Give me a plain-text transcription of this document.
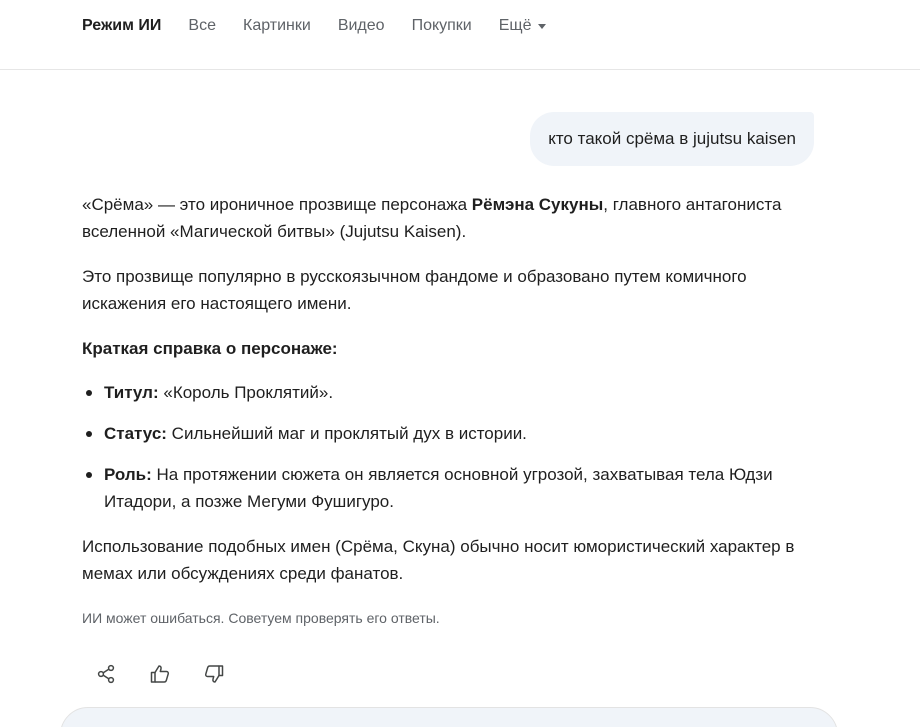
Режим ИИ Все Картинки Видео Покупки Ещё
кто такой срёма в jujutsu kaisen

«Срёма» — это ироничное прозвище персонажа Рёмэна Сукуны, главного антагониста вселенной «Магической битвы» (Jujutsu Kaisen).

Это прозвище популярно в русскоязычном фандоме и образовано путем комичного искажения его настоящего имени.

Краткая справка о персонаже:

Титул: «Король Проклятий».
Статус: Сильнейший маг и проклятый дух в истории.
Роль: На протяжении сюжета он является основной угрозой, захватывая тела Юдзи Итадори, а позже Мегуми Фушигуро.

Использование подобных имен (Срёма, Скуна) обычно носит юмористический характер в мемах или обсуждениях среди фанатов.

ИИ может ошибаться. Советуем проверять его ответы.
